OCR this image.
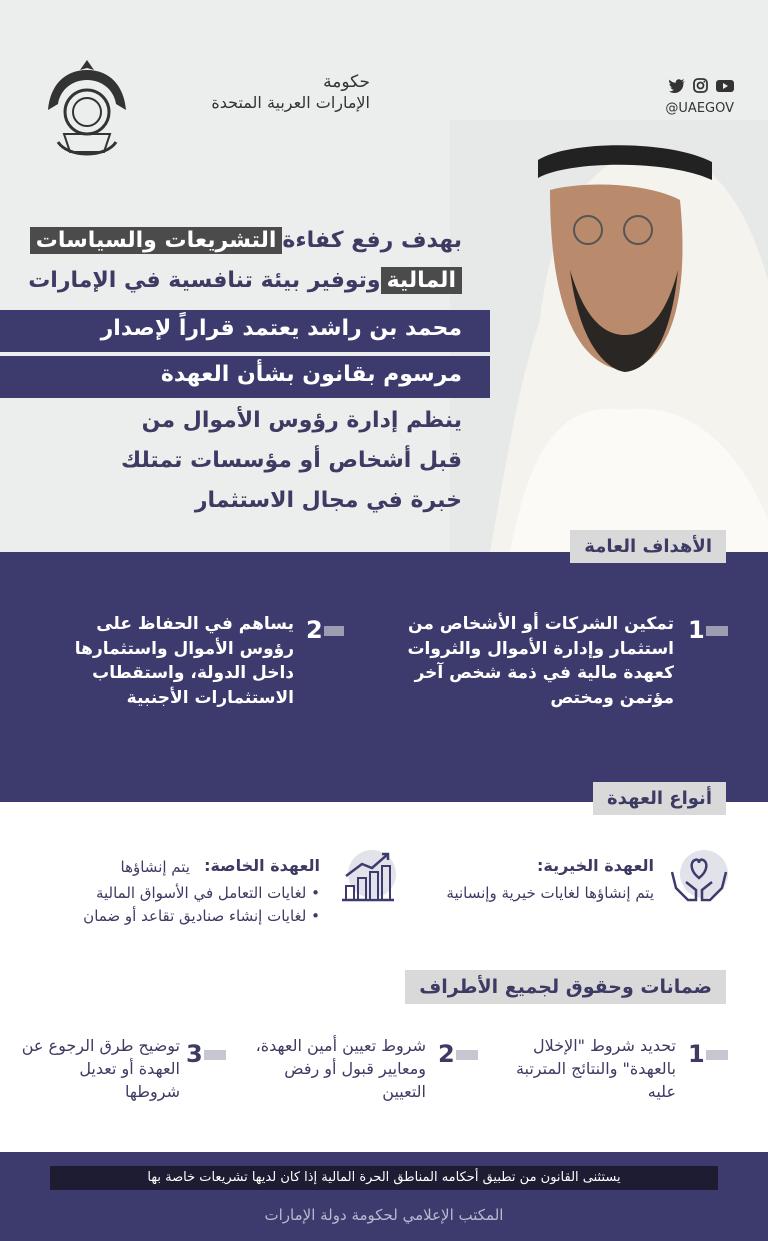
حكومة
الإمارات العربية المتحدة	@UAEGOV
بهدف رفع كفاءةالتشريعات والسياسات
الماليةوتوفير بيئة تنافسية في الإمارات
محمد بن راشد يعتمد قراراً لإصدار
مرسوم بقانون بشأن العهدة
ينظم إدارة رؤوس الأموال من
قبل أشخاص أو مؤسسات تمتلك
خبرة في مجال الاستثمار
الأهداف العامة
1
تمكين الشركات أو الأشخاص من استثمار وإدارة الأموال والثروات كعهدة مالية في ذمة شخص آخر مؤتمن ومختص
2
يساهم في الحفاظ على رؤوس الأموال واستثمارها داخل الدولة، واستقطاب الاستثمارات الأجنبية
أنواع العهدة
العهدة الخيرية:
يتم إنشاؤها لغايات خيرية وإنسانية
العهدة الخاصة:
يتم إنشاؤها
• لغايات التعامل في الأسواق المالية
• لغايات إنشاء صناديق تقاعد أو ضمان
ضمانات وحقوق لجميع الأطراف
1
تحديد شروط "الإخلال بالعهدة" والنتائج المترتبة عليه
2
شروط تعيين أمين العهدة، ومعايير قبول أو رفض التعيين
3
توضيح طرق الرجوع عن العهدة أو تعديل شروطها
يستثنى القانون من تطبيق أحكامه المناطق الحرة المالية إذا كان لديها تشريعات خاصة بها
المكتب الإعلامي لحكومة دولة الإمارات
